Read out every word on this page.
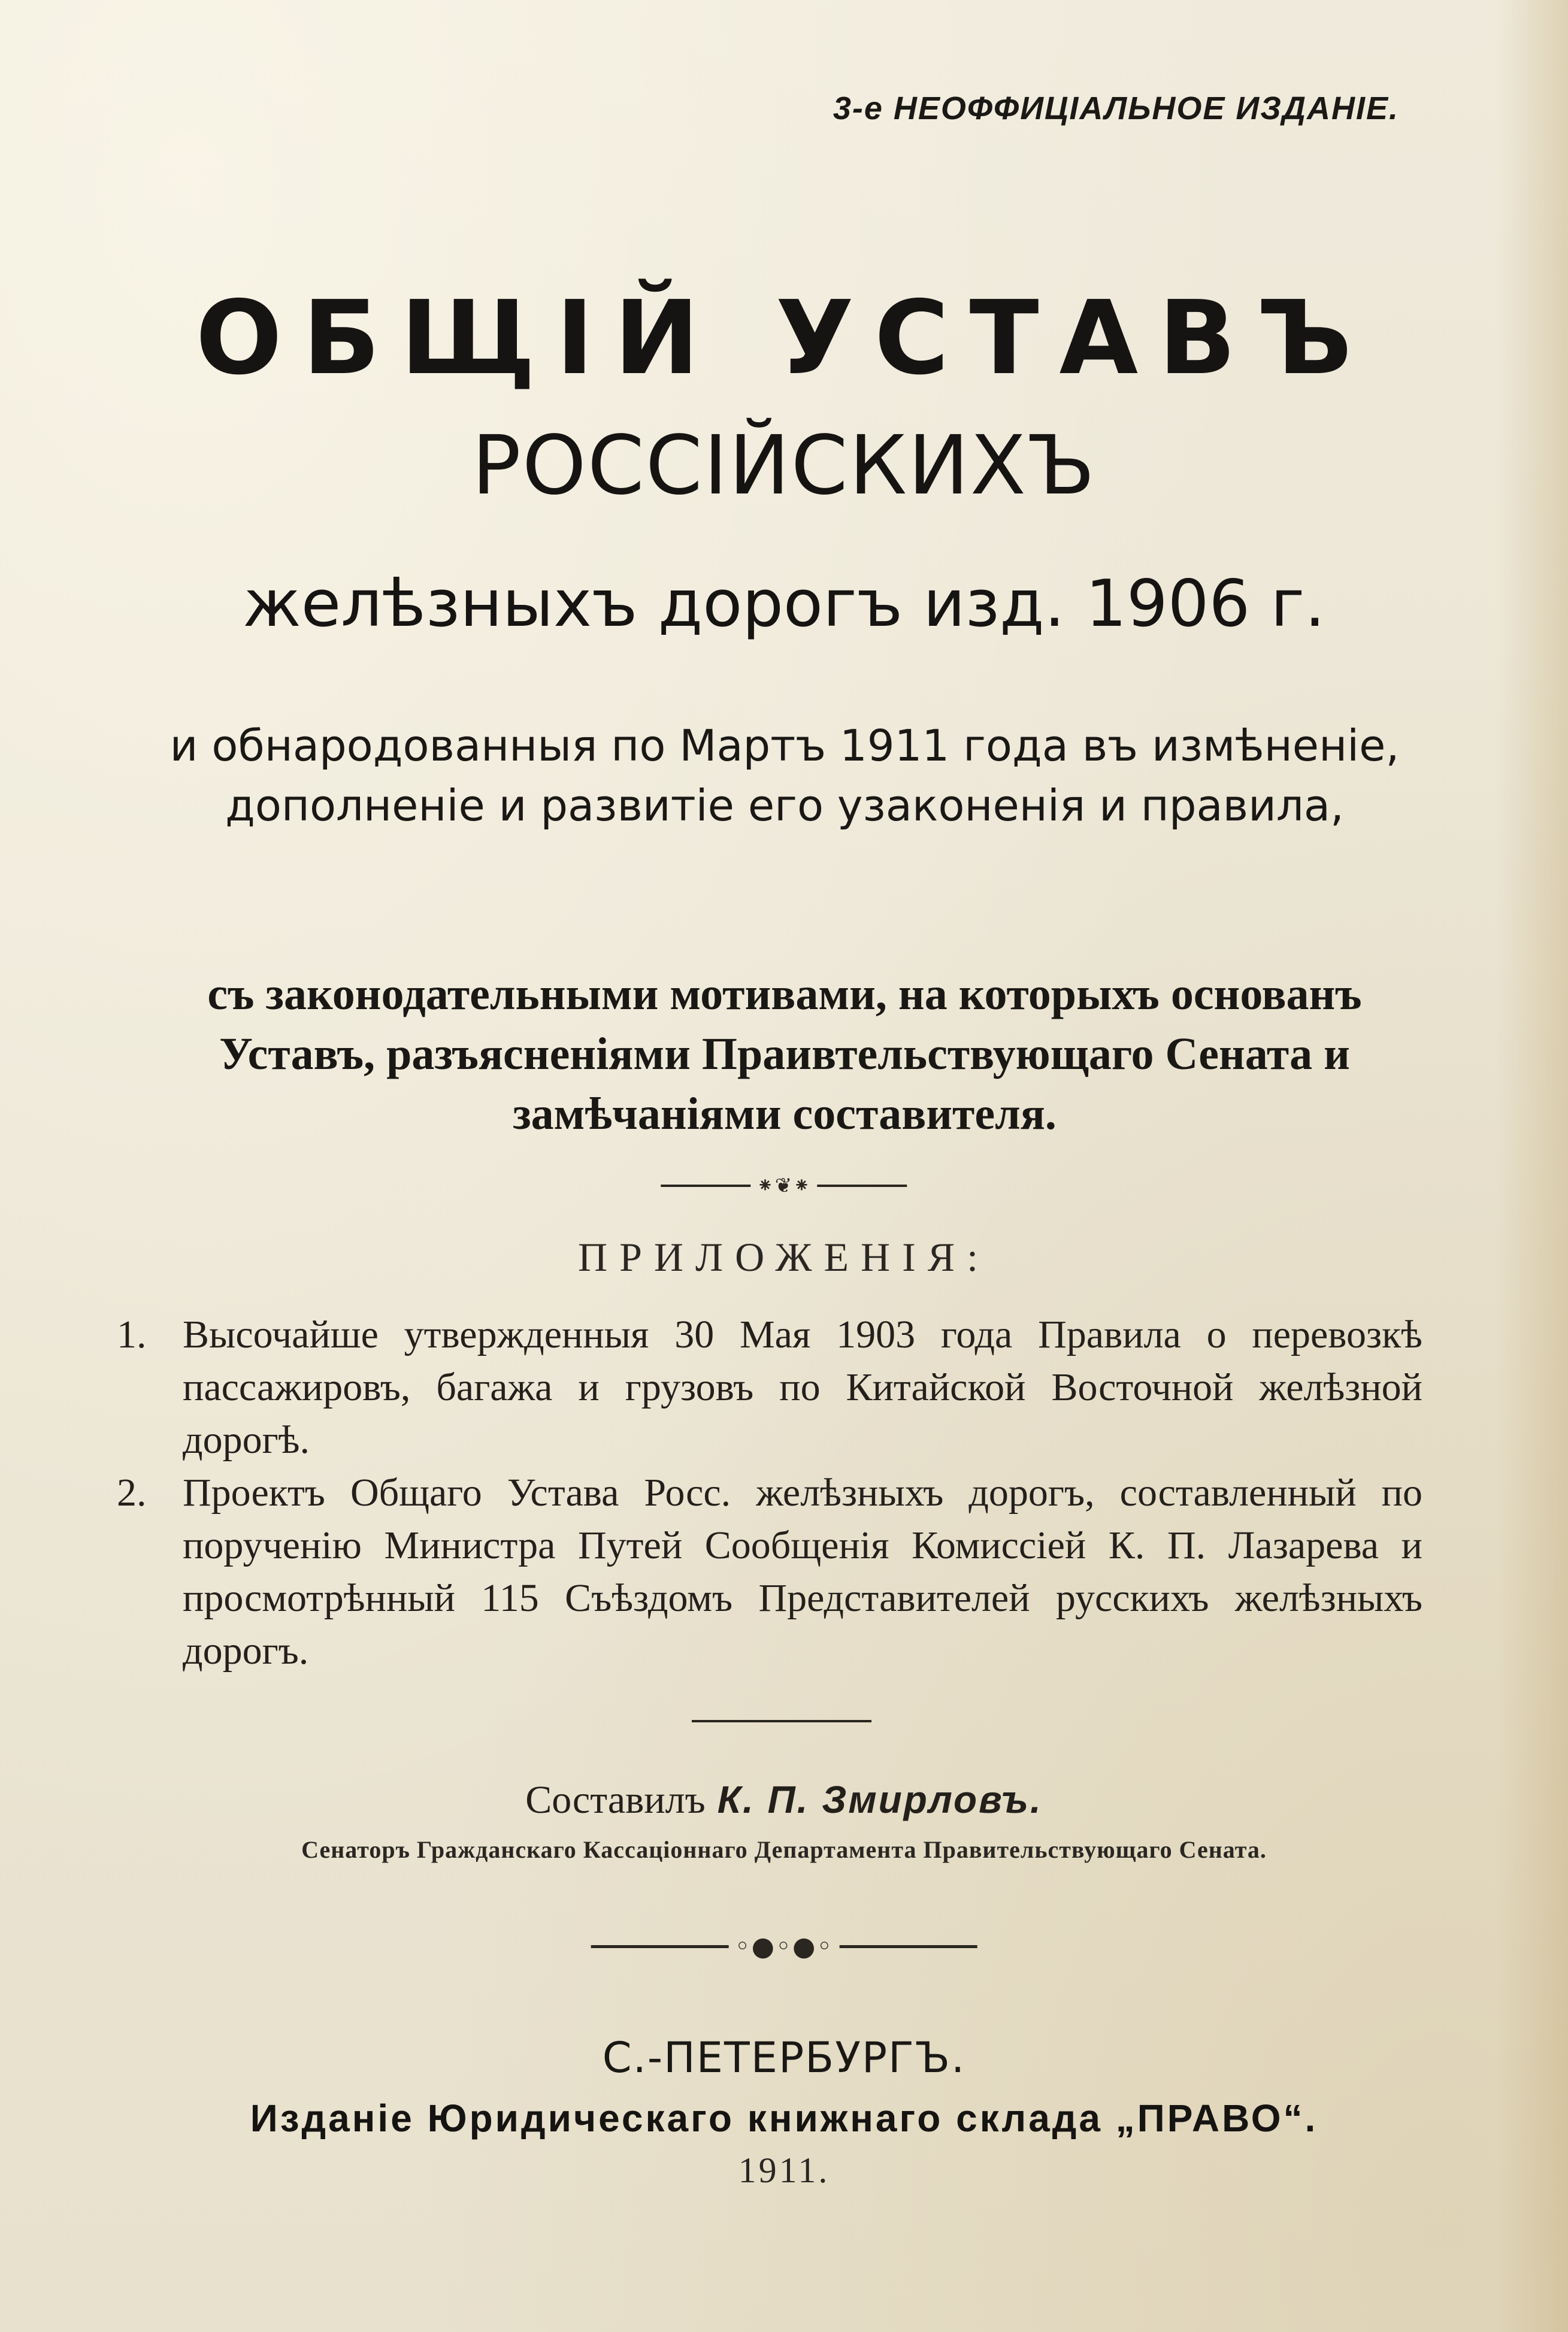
3-е НЕОФФИЦІАЛЬНОЕ ИЗДАНІЕ.
ОБЩІЙ УСТАВЪ
РОССІЙСКИХЪ
желѣзныхъ дорогъ изд. 1906 г.
и обнародованныя по Мартъ 1911 года въ измѣненіе, дополненіе и развитіе его узаконенія и правила,
съ законодательными мотивами, на которыхъ основанъ Уставъ, разъясненіями Праивтельствующаго Сената и замѣчаніями составителя.
⁕❦⁕
ПРИЛОЖЕНІЯ:
1. Высочайше утвержденныя 30 Мая 1903 года Правила о перевозкѣ пассажировъ, багажа и грузовъ по Китайской Восточной желѣзной дорогѣ.
2. Проектъ Общаго Устава Росс. желѣзныхъ дорогъ, составленный по порученію Министра Путей Сообщенія Комиссіей К. П. Лазарева и просмотрѣнный 115 Съѣздомъ Представителей русскихъ желѣзныхъ дорогъ.
Составилъ К. П. Змирловъ.
Сенаторъ Гражданскаго Кассаціоннаго Департамента Правительствующаго Сената.
◦●◦●◦
С.-ПЕТЕРБУРГЪ.
Изданіе Юридическаго книжнаго склада „ПРАВО“.
1911.
